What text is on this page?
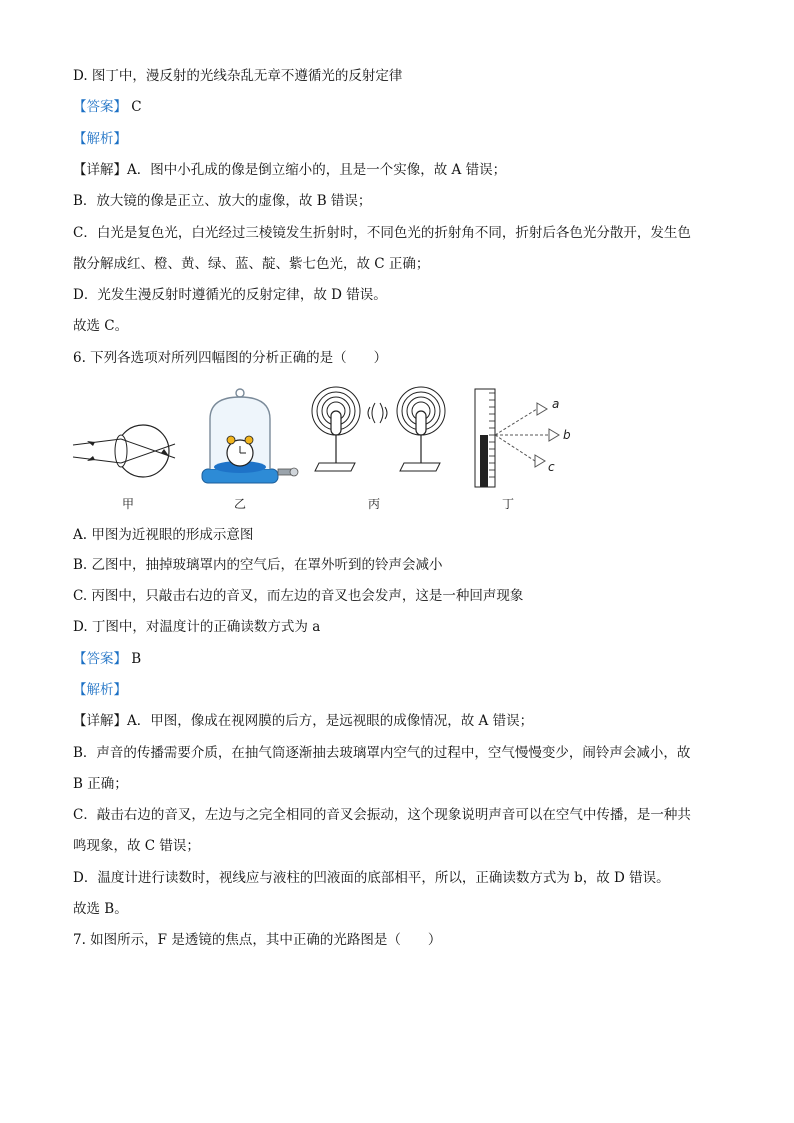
D. 图丁中，漫反射的光线杂乱无章不遵循光的反射定律
【答案】 C
【解析】
【详解】A．图中小孔成的像是倒立缩小的，且是一个实像，故 A 错误；
B．放大镜的像是正立、放大的虚像，故 B 错误；
C．白光是复色光，白光经过三棱镜发生折射时，不同色光的折射角不同，折射后各色光分散开，发生色
散分解成红、橙、黄、绿、蓝、靛、紫七色光，故 C 正确；
D．光发生漫反射时遵循光的反射定律，故 D 错误。
故选 C。
6. 下列各选项对所列四幅图的分析正确的是（　　）
甲	乙	丙
a
b
c
丁
A. 甲图为近视眼的形成示意图
B. 乙图中，抽掉玻璃罩内的空气后，在罩外听到的铃声会减小
C. 丙图中，只敲击右边的音叉，而左边的音叉也会发声，这是一种回声现象
D. 丁图中，对温度计的正确读数方式为 a
【答案】 B
【解析】
【详解】A．甲图，像成在视网膜的后方，是远视眼的成像情况，故 A 错误；
B．声音的传播需要介质，在抽气筒逐渐抽去玻璃罩内空气的过程中，空气慢慢变少，闹铃声会减小，故
B 正确；
C．敲击右边的音叉，左边与之完全相同的音叉会振动，这个现象说明声音可以在空气中传播，是一种共
鸣现象，故 C 错误；
D．温度计进行读数时，视线应与液柱的凹液面的底部相平，所以，正确读数方式为 b，故 D 错误。
故选 B。
7. 如图所示，F 是透镜的焦点，其中正确的光路图是（　　）
